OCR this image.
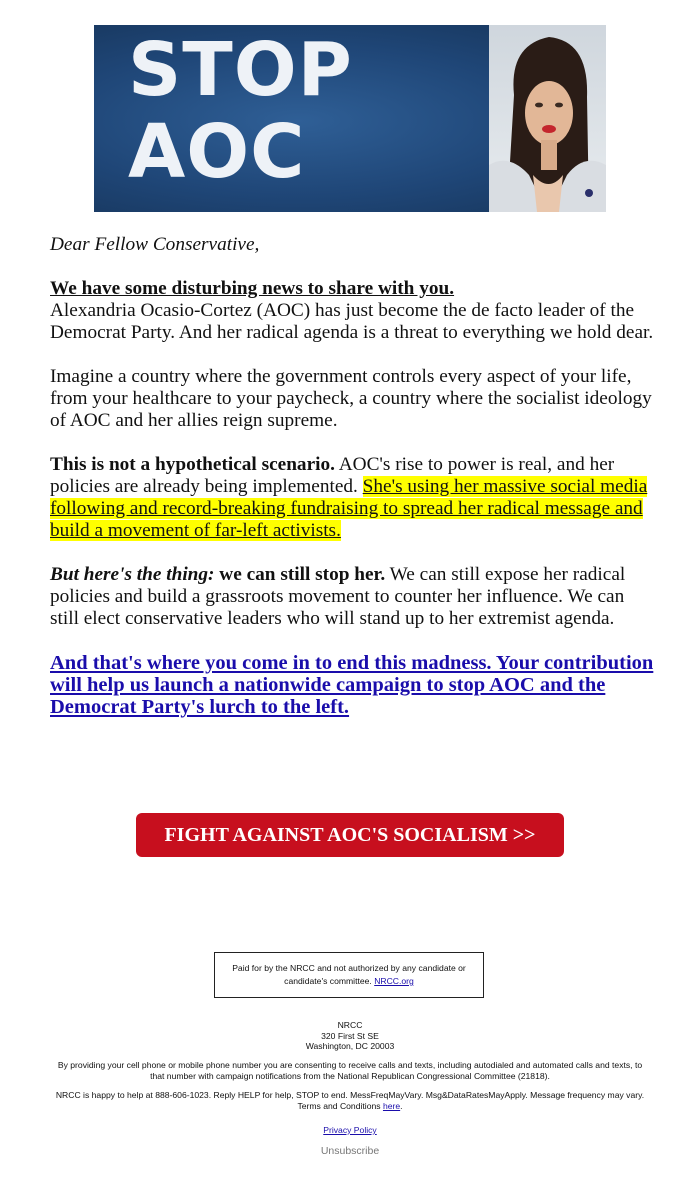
STOP
AOC

Dear Fellow Conservative,

We have some disturbing news to share with you.
Alexandria Ocasio-Cortez (AOC) has just become the de facto leader of the Democrat Party. And her radical agenda is a threat to everything we hold dear.

Imagine a country where the government controls every aspect of your life, from your healthcare to your paycheck, a country where the socialist ideology of AOC and her allies reign supreme.

This is not a hypothetical scenario. AOC's rise to power is real, and her policies are already being implemented. She's using her massive social media following and record-breaking fundraising to spread her radical message and build a movement of far-left activists.

But here's the thing: we can still stop her. We can still expose her radical policies and build a grassroots movement to counter her influence. We can still elect conservative leaders who will stand up to her extremist agenda.

And that's where you come in to end this madness. Your contribution will help us launch a nationwide campaign to stop AOC and the Democrat Party's lurch to the left.
FIGHT AGAINST AOC'S SOCIALISM >>
Paid for by the NRCC and not authorized by any candidate or candidate's committee. NRCC.org
NRCC
320 First St SE
Washington, DC 20003
By providing your cell phone or mobile phone number you are consenting to receive calls and texts, including autodialed and automated calls and texts, to that number with campaign notifications from the National Republican Congressional Committee (21818).
NRCC is happy to help at 888-606-1023. Reply HELP for help, STOP to end. MessFreqMayVary. Msg&DataRatesMayApply. Message frequency may vary. Terms and Conditions here.
Privacy Policy
Unsubscribe
